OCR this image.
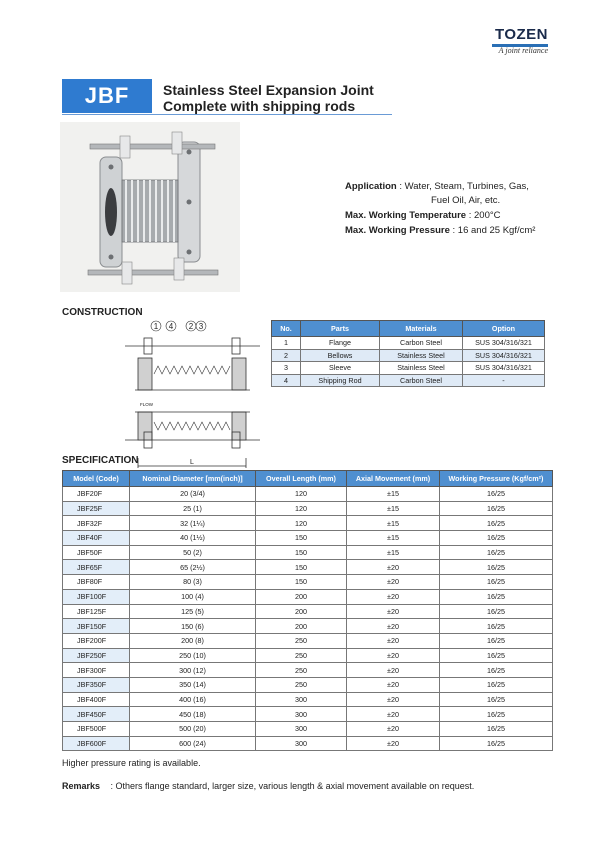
TOZEN
A joint reliance
JBF	Stainless Steel Expansion Joint
Complete with shipping rods
Application : Water, Steam, Turbines, Gas,
Fuel Oil, Air, etc.
Max. Working Temperature : 200°C
Max. Working Pressure : 16 and 25 Kgf/cm²
CONSTRUCTION
1 4 2 3
FLOW
L
No.	Parts	Materials	Option
1	Flange	Carbon Steel	SUS 304/316/321
2	Bellows	Stainless Steel	SUS 304/316/321
3	Sleeve	Stainless Steel	SUS 304/316/321
4	Shipping Rod	Carbon Steel	-
SPECIFICATION
Model (Code)	Nominal Diameter [mm(inch)]	Overall Length (mm)	Axial Movement (mm)	Working Pressure (Kgf/cm²)
JBF20F	20 (3/4)	120	±15	16/25
JBF25F	25 (1)	120	±15	16/25
JBF32F	32 (1¼)	120	±15	16/25
JBF40F	40 (1½)	150	±15	16/25
JBF50F	50 (2)	150	±15	16/25
JBF65F	65 (2½)	150	±20	16/25
JBF80F	80 (3)	150	±20	16/25
JBF100F	100 (4)	200	±20	16/25
JBF125F	125 (5)	200	±20	16/25
JBF150F	150 (6)	200	±20	16/25
JBF200F	200 (8)	250	±20	16/25
JBF250F	250 (10)	250	±20	16/25
JBF300F	300 (12)	250	±20	16/25
JBF350F	350 (14)	250	±20	16/25
JBF400F	400 (16)	300	±20	16/25
JBF450F	450 (18)	300	±20	16/25
JBF500F	500 (20)	300	±20	16/25
JBF600F	600 (24)	300	±20	16/25
Higher pressure rating is available.
Remarks : Others flange standard, larger size, various length & axial movement available on request.
